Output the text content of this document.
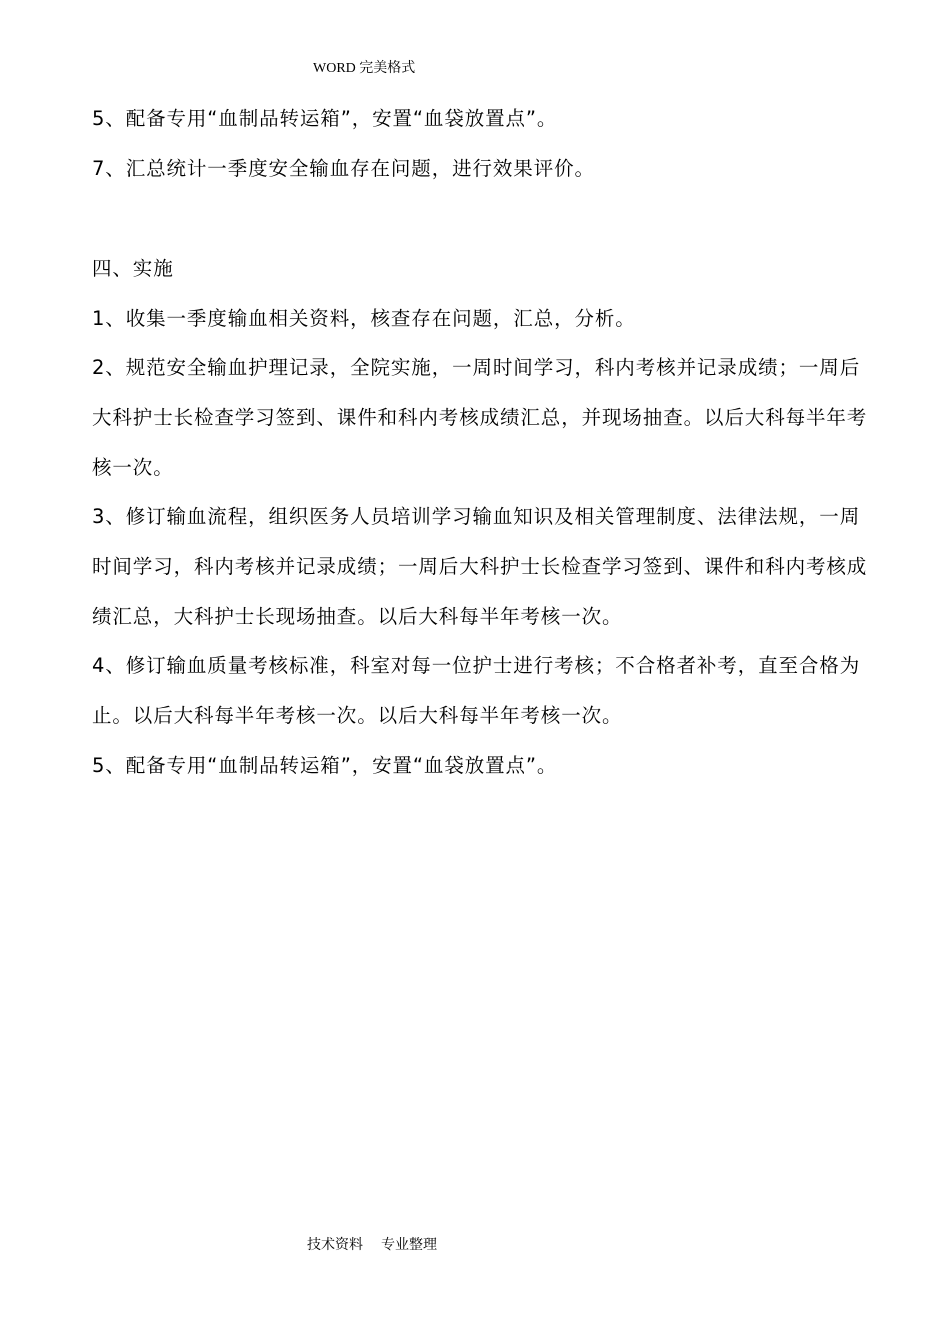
WORD 完美格式

5、配备专用“血制品转运箱”，安置“血袋放置点”。

7、汇总统计一季度安全输血存在问题，进行效果评价。

四、实施

1、收集一季度输血相关资料，核查存在问题，汇总，分析。

2、规范安全输血护理记录，全院实施，一周时间学习，科内考核并记录成绩；一周后大科护士长检查学习签到、课件和科内考核成绩汇总，并现场抽查。以后大科每半年考核一次。

3、修订输血流程，组织医务人员培训学习输血知识及相关管理制度、法律法规，一周时间学习，科内考核并记录成绩；一周后大科护士长检查学习签到、课件和科内考核成绩汇总，大科护士长现场抽查。以后大科每半年考核一次。

4、修订输血质量考核标准，科室对每一位护士进行考核；不合格者补考，直至合格为止。以后大科每半年考核一次。以后大科每半年考核一次。

5、配备专用“血制品转运箱”，安置“血袋放置点”。

技术资料 专业整理
